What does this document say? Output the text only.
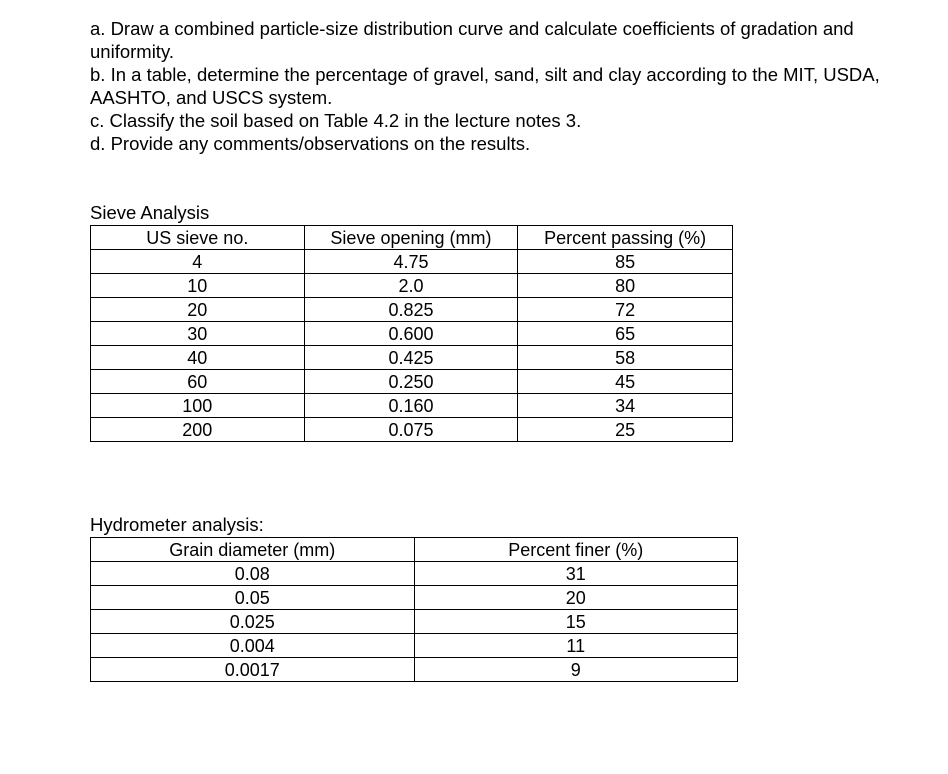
a. Draw a combined particle-size distribution curve and calculate coefficients of gradation and uniformity.
b. In a table, determine the percentage of gravel, sand, silt and clay according to the MIT, USDA, AASHTO, and USCS system.
c. Classify the soil based on Table 4.2 in the lecture notes 3.
d. Provide any comments/observations on the results.
Sieve Analysis
US sieve no.	Sieve opening (mm)	Percent passing (%)
4	4.75	85
10	2.0	80
20	0.825	72
30	0.600	65
40	0.425	58
60	0.250	45
100	0.160	34
200	0.075	25
Hydrometer analysis:
Grain diameter (mm)	Percent finer (%)
0.08	31
0.05	20
0.025	15
0.004	11
0.0017	9
